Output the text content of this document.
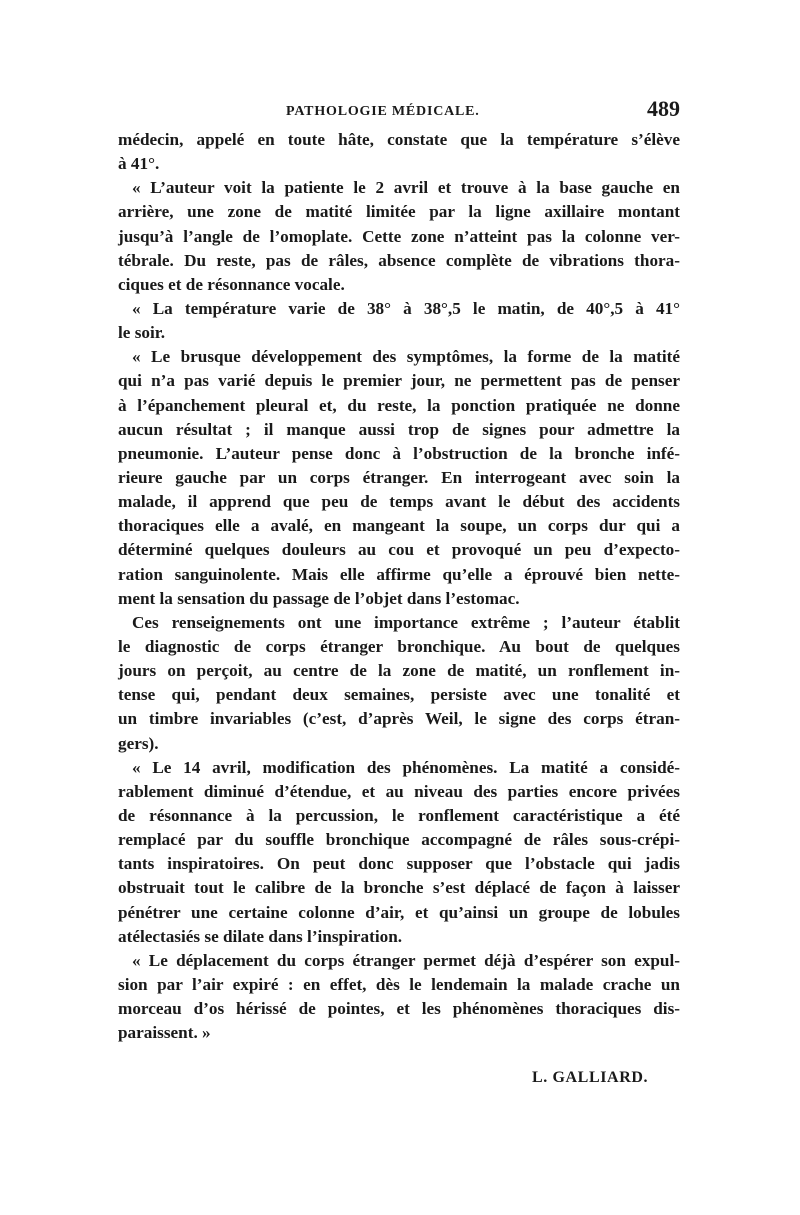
PATHOLOGIE MÉDICALE.	489
médecin, appelé en toute hâte, constate que la température s’élève
à 41°.
« L’auteur voit la patiente le 2 avril et trouve à la base gauche en
arrière, une zone de matité limitée par la ligne axillaire montant
jusqu’à l’angle de l’omoplate. Cette zone n’atteint pas la colonne ver-
tébrale. Du reste, pas de râles, absence complète de vibrations thora-
ciques et de résonnance vocale.
« La température varie de 38° à 38°,5 le matin, de 40°,5 à 41°
le soir.
« Le brusque développement des symptômes, la forme de la matité
qui n’a pas varié depuis le premier jour, ne permettent pas de penser
à l’épanchement pleural et, du reste, la ponction pratiquée ne donne
aucun résultat ; il manque aussi trop de signes pour admettre la
pneumonie. L’auteur pense donc à l’obstruction de la bronche infé-
rieure gauche par un corps étranger. En interrogeant avec soin la
malade, il apprend que peu de temps avant le début des accidents
thoraciques elle a avalé, en mangeant la soupe, un corps dur qui a
déterminé quelques douleurs au cou et provoqué un peu d’expecto-
ration sanguinolente. Mais elle affirme qu’elle a éprouvé bien nette-
ment la sensation du passage de l’objet dans l’estomac.
Ces renseignements ont une importance extrême ; l’auteur établit
le diagnostic de corps étranger bronchique. Au bout de quelques
jours on perçoit, au centre de la zone de matité, un ronflement in-
tense qui, pendant deux semaines, persiste avec une tonalité et
un timbre invariables (c’est, d’après Weil, le signe des corps étran-
gers).
« Le 14 avril, modification des phénomènes. La matité a considé-
rablement diminué d’étendue, et au niveau des parties encore privées
de résonnance à la percussion, le ronflement caractéristique a été
remplacé par du souffle bronchique accompagné de râles sous-crépi-
tants inspiratoires. On peut donc supposer que l’obstacle qui jadis
obstruait tout le calibre de la bronche s’est déplacé de façon à laisser
pénétrer une certaine colonne d’air, et qu’ainsi un groupe de lobules
atélectasiés se dilate dans l’inspiration.
« Le déplacement du corps étranger permet déjà d’espérer son expul-
sion par l’air expiré : en effet, dès le lendemain la malade crache un
morceau d’os hérissé de pointes, et les phénomènes thoraciques dis-
paraissent. »
L. GALLIARD.
